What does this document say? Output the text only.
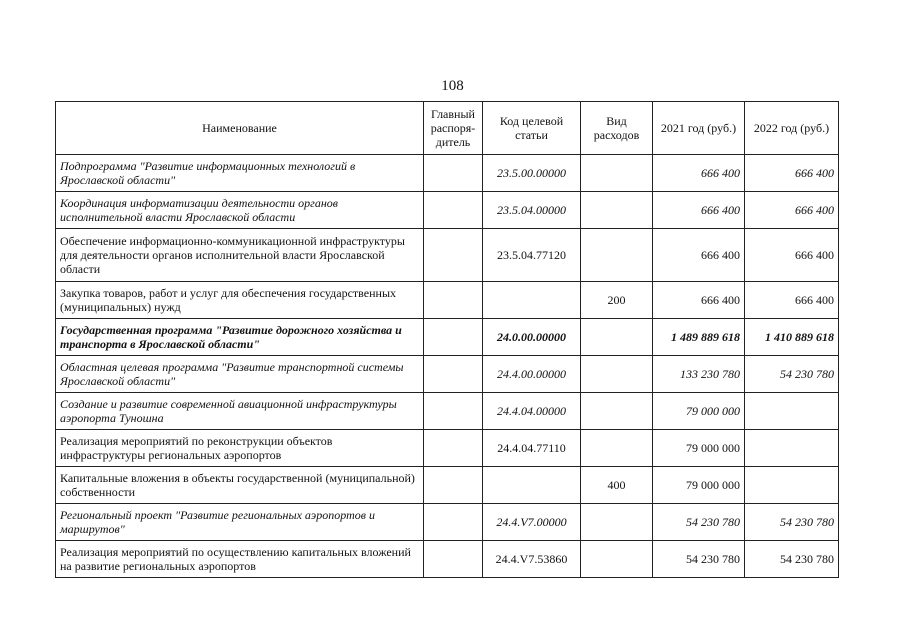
108
Наименование	Главный распоря-дитель	Код целевой статьи	Вид расходов	2021 год (руб.)	2022 год (руб.)
Подпрограмма "Развитие информационных технологий в Ярославской области"		23.5.00.00000		666 400	666 400
Координация информатизации деятельности органов исполнительной власти Ярославской области		23.5.04.00000		666 400	666 400
Обеспечение информационно-коммуникационной инфраструктуры для деятельности органов исполнительной власти Ярославской области		23.5.04.77120		666 400	666 400
Закупка товаров, работ и услуг для обеспечения государственных (муниципальных) нужд			200	666 400	666 400
Государственная программа "Развитие дорожного хозяйства и транспорта в Ярославской области"		24.0.00.00000		1 489 889 618	1 410 889 618
Областная целевая программа "Развитие транспортной системы Ярославской области"		24.4.00.00000		133 230 780	54 230 780
Создание и развитие современной авиационной инфраструктуры аэропорта Туношна		24.4.04.00000		79 000 000	
Реализация мероприятий по реконструкции объектов инфраструктуры региональных аэропортов		24.4.04.77110		79 000 000	
Капитальные вложения в объекты государственной (муниципальной) собственности			400	79 000 000	
Региональный проект "Развитие региональных аэропортов и маршрутов"		24.4.V7.00000		54 230 780	54 230 780
Реализация мероприятий по осуществлению капитальных вложений на развитие региональных аэропортов		24.4.V7.53860		54 230 780	54 230 780
